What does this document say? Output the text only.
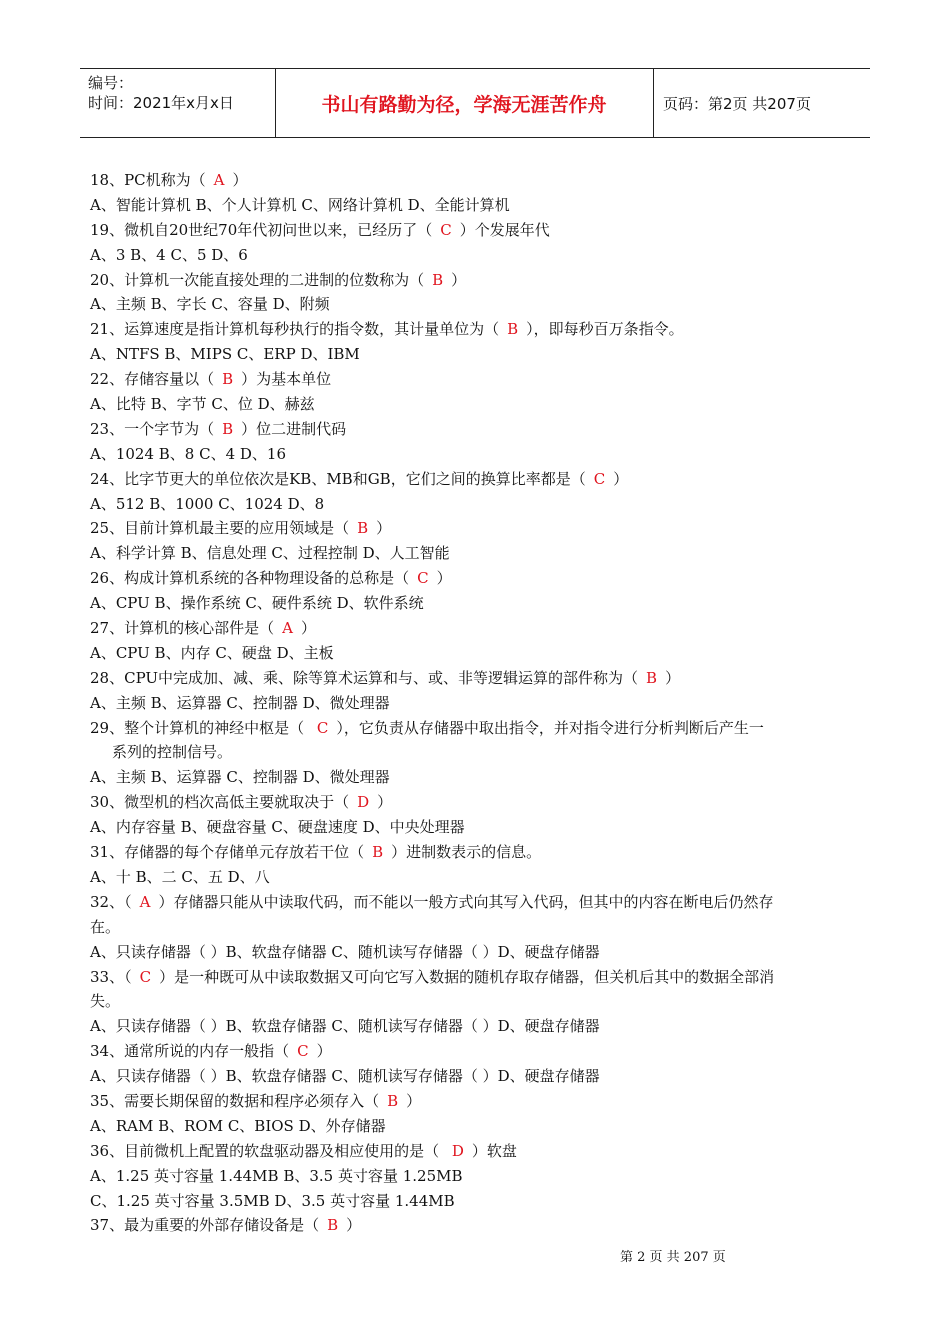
编号：
时间：2021年x月x日	书山有路勤为径，学海无涯苦作舟	页码：第2页 共207页
18、PC机称为（ A ）
A、智能计算机 B、个人计算机 C、网络计算机 D、全能计算机
19、微机自20世纪70年代初问世以来，已经历了（ C ）个发展年代
A、3 B、4 C、5 D、6
20、计算机一次能直接处理的二进制的位数称为（ B ）
A、主频 B、字长 C、容量 D、附频
21、运算速度是指计算机每秒执行的指令数，其计量单位为（ B ），即每秒百万条指令。
A、NTFS B、MIPS C、ERP D、IBM
22、存储容量以（ B ）为基本单位
A、比特 B、字节 C、位 D、赫兹
23、一个字节为（ B ）位二进制代码
A、1024 B、8 C、4 D、16
24、比字节更大的单位依次是KB、MB和GB，它们之间的换算比率都是（ C ）
A、512 B、1000 C、1024 D、8
25、目前计算机最主要的应用领域是（ B ）
A、科学计算 B、信息处理 C、过程控制 D、人工智能
26、构成计算机系统的各种物理设备的总称是（ C ）
A、CPU B、操作系统 C、硬件系统 D、软件系统
27、计算机的核心部件是（ A ）
A、CPU B、内存 C、硬盘 D、主板
28、CPU中完成加、减、乘、除等算术运算和与、或、非等逻辑运算的部件称为（ B ）
A、主频 B、运算器 C、控制器 D、微处理器
29、整个计算机的神经中枢是（ C ），它负责从存储器中取出指令，并对指令进行分析判断后产生一
系列的控制信号。
A、主频 B、运算器 C、控制器 D、微处理器
30、微型机的档次高低主要就取决于（ D ）
A、内存容量 B、硬盘容量 C、硬盘速度 D、中央处理器
31、存储器的每个存储单元存放若干位（ B ）进制数表示的信息。
A、十 B、二 C、五 D、八
32、（ A ）存储器只能从中读取代码，而不能以一般方式向其写入代码，但其中的内容在断电后仍然存
在。
A、只读存储器（ ）B、软盘存储器 C、随机读写存储器（ ）D、硬盘存储器
33、（ C ）是一种既可从中读取数据又可向它写入数据的随机存取存储器，但关机后其中的数据全部消
失。
A、只读存储器（ ）B、软盘存储器 C、随机读写存储器（ ）D、硬盘存储器
34、通常所说的内存一般指（ C ）
A、只读存储器（ ）B、软盘存储器 C、随机读写存储器（ ）D、硬盘存储器
35、需要长期保留的数据和程序必须存入（ B ）
A、RAM B、ROM C、BIOS D、外存储器
36、目前微机上配置的软盘驱动器及相应使用的是（ D ）软盘
A、1.25 英寸容量 1.44MB B、3.5 英寸容量 1.25MB
C、1.25 英寸容量 3.5MB D、3.5 英寸容量 1.44MB
37、最为重要的外部存储设备是（ B ）
第 2 页 共 207 页
